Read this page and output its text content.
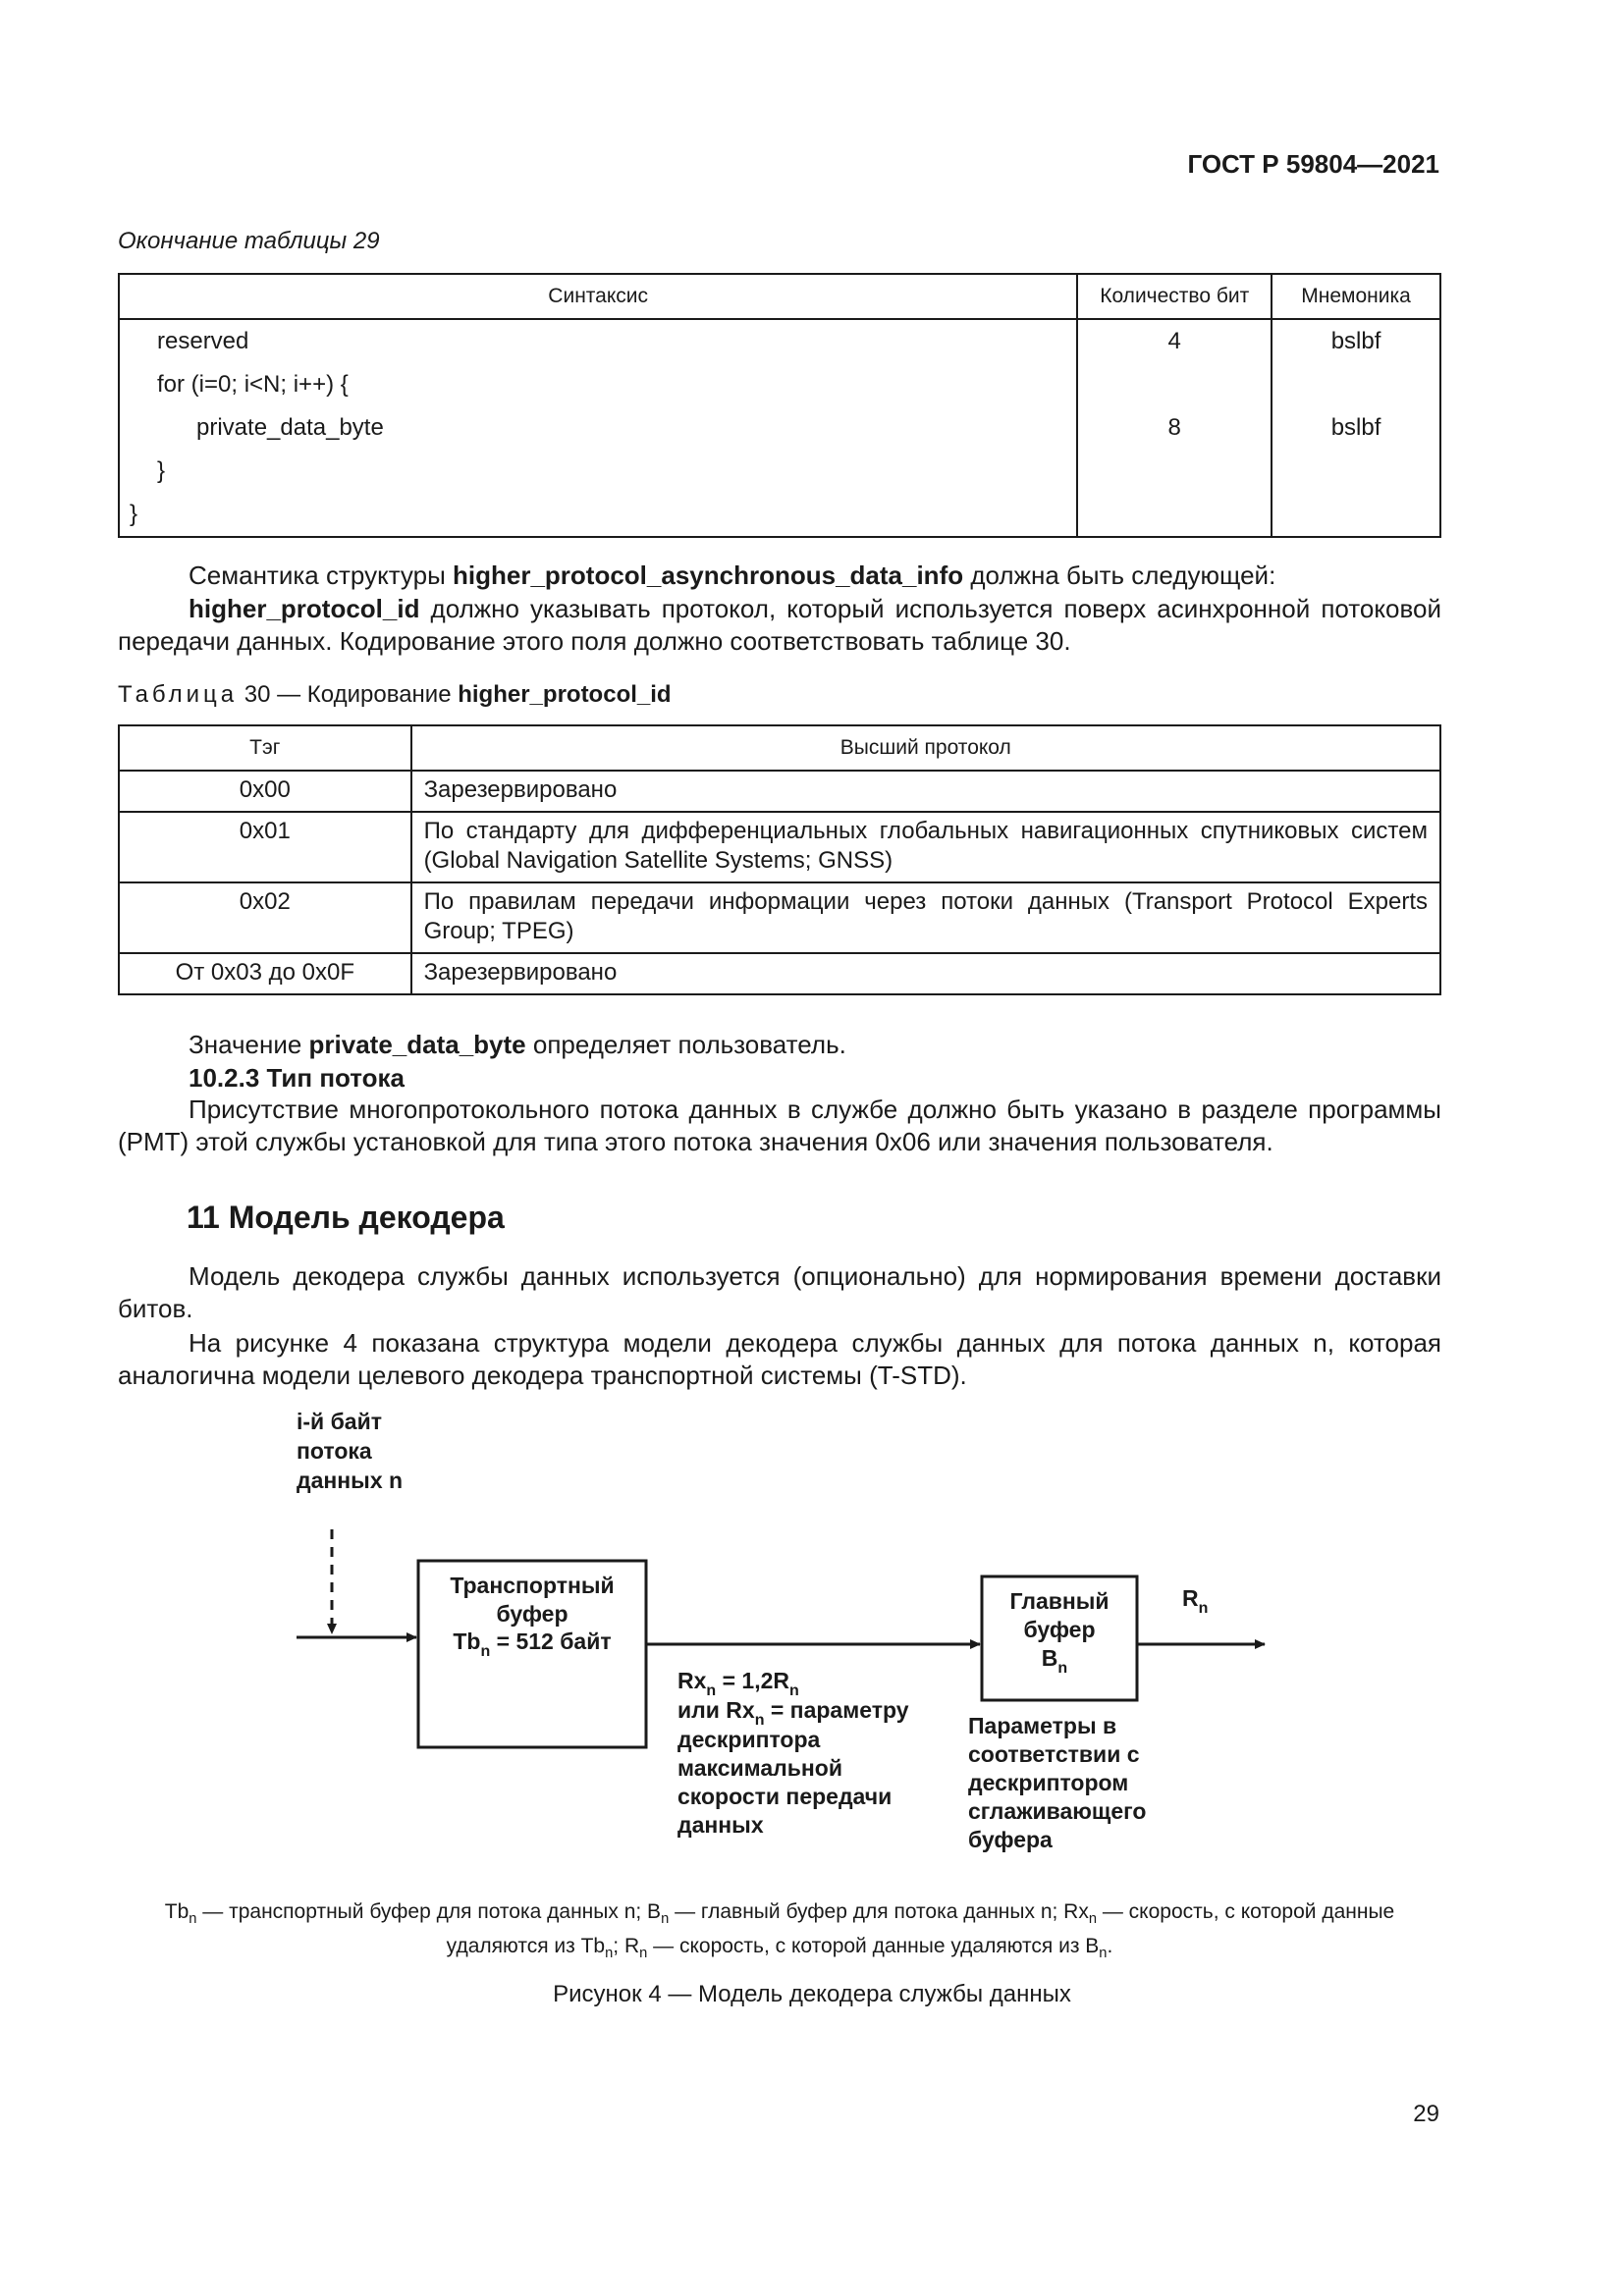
ГОСТ Р 59804—2021
Окончание таблицы 29
Синтаксис	Количество бит	Мнемоника
reserved	4	bslbf
for (i=0; i<N; i++) {		
private_data_byte	8	bslbf
}		
}		
Семантика структуры higher_protocol_asynchronous_data_info должна быть следующей:
higher_protocol_id должно указывать протокол, который используется поверх асинхронной потоковой передачи данных. Кодирование этого поля должно соответствовать таблице 30.
Таблица 30 — Кодирование higher_protocol_id
Тэг	Высший протокол
0x00	Зарезервировано
0x01	По стандарту для дифференциальных глобальных навигационных спутниковых систем (Global Navigation Satellite Systems; GNSS)
0x02	По правилам передачи информации через потоки данных (Transport Protocol Experts Group; TPEG)
От 0x03 до 0x0F	Зарезервировано
Значение private_data_byte определяет пользователь.
10.2.3 Тип потока
Присутствие многопротокольного потока данных в службе должно быть указано в разделе программы (PMT) этой службы установкой для типа этого потока значения 0x06 или значения пользователя.
11 Модель декодера
Модель декодера службы данных используется (опционально) для нормирования времени доставки битов.
На рисунке 4 показана структура модели декодера службы данных для потока данных n, которая аналогична модели целевого декодера транспортной системы (T-STD).
i-й байт
потока
данных n
Транспортный
буфер
$Tb_n = 512$ байт
$Rx_n = 1,2R_n$
или $Rx_n$ = параметру
дескриптора
максимальной
скорости передачи
данных
Главный
буфер
$B_n$
$R_n$
Параметры в
соответствии с
дескриптором
сглаживающего
буфера
$Tb_n$ — транспортный буфер для потока данных n; $B_n$ — главный буфер для потока данных n; $Rx_n$ — скорость, с которой данные
удаляются из $Tb_n$; $R_n$ — скорость, с которой данные удаляются из $B_n$.
Рисунок 4 — Модель декодера службы данных
29
